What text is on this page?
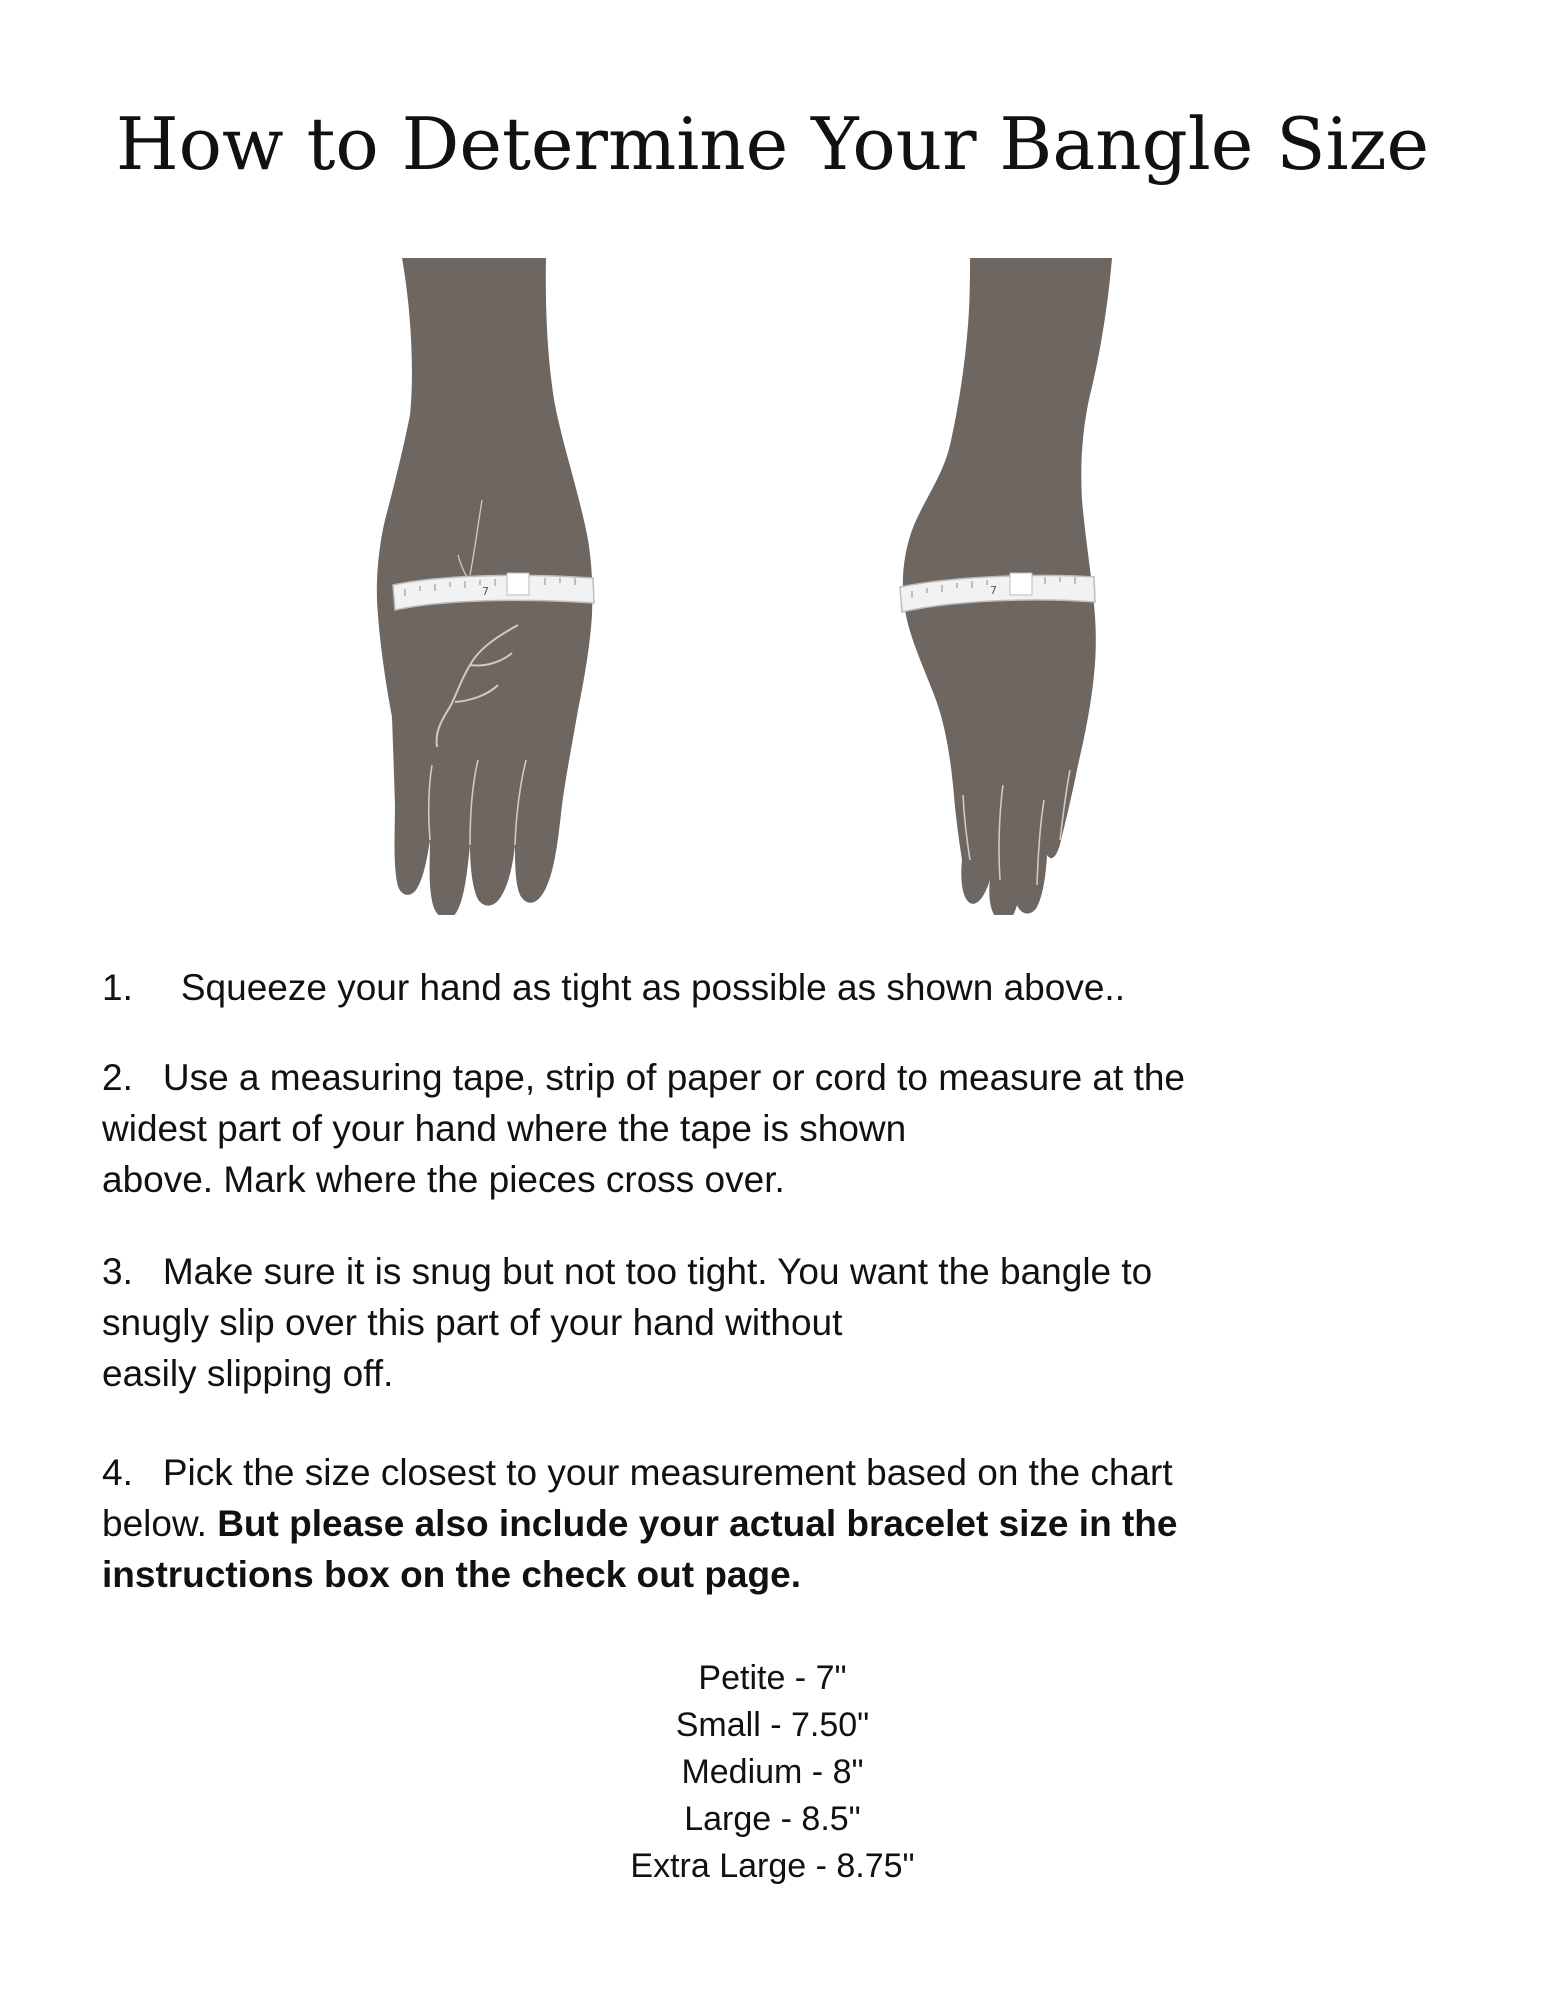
How to Determine Your Bangle Size
7	7
1. Squeeze your hand as tight as possible as shown above..
2. Use a measuring tape, strip of paper or cord to measure at the
widest part of your hand where the tape is shown
above. Mark where the pieces cross over.
3. Make sure it is snug but not too tight. You want the bangle to
snugly slip over this part of your hand without
easily slipping off.
4. Pick the size closest to your measurement based on the chart
below. But please also include your actual bracelet size in the
instructions box on the check out page.
Petite - 7"
Small - 7.50"
Medium - 8"
Large - 8.5"
Extra Large - 8.75"
